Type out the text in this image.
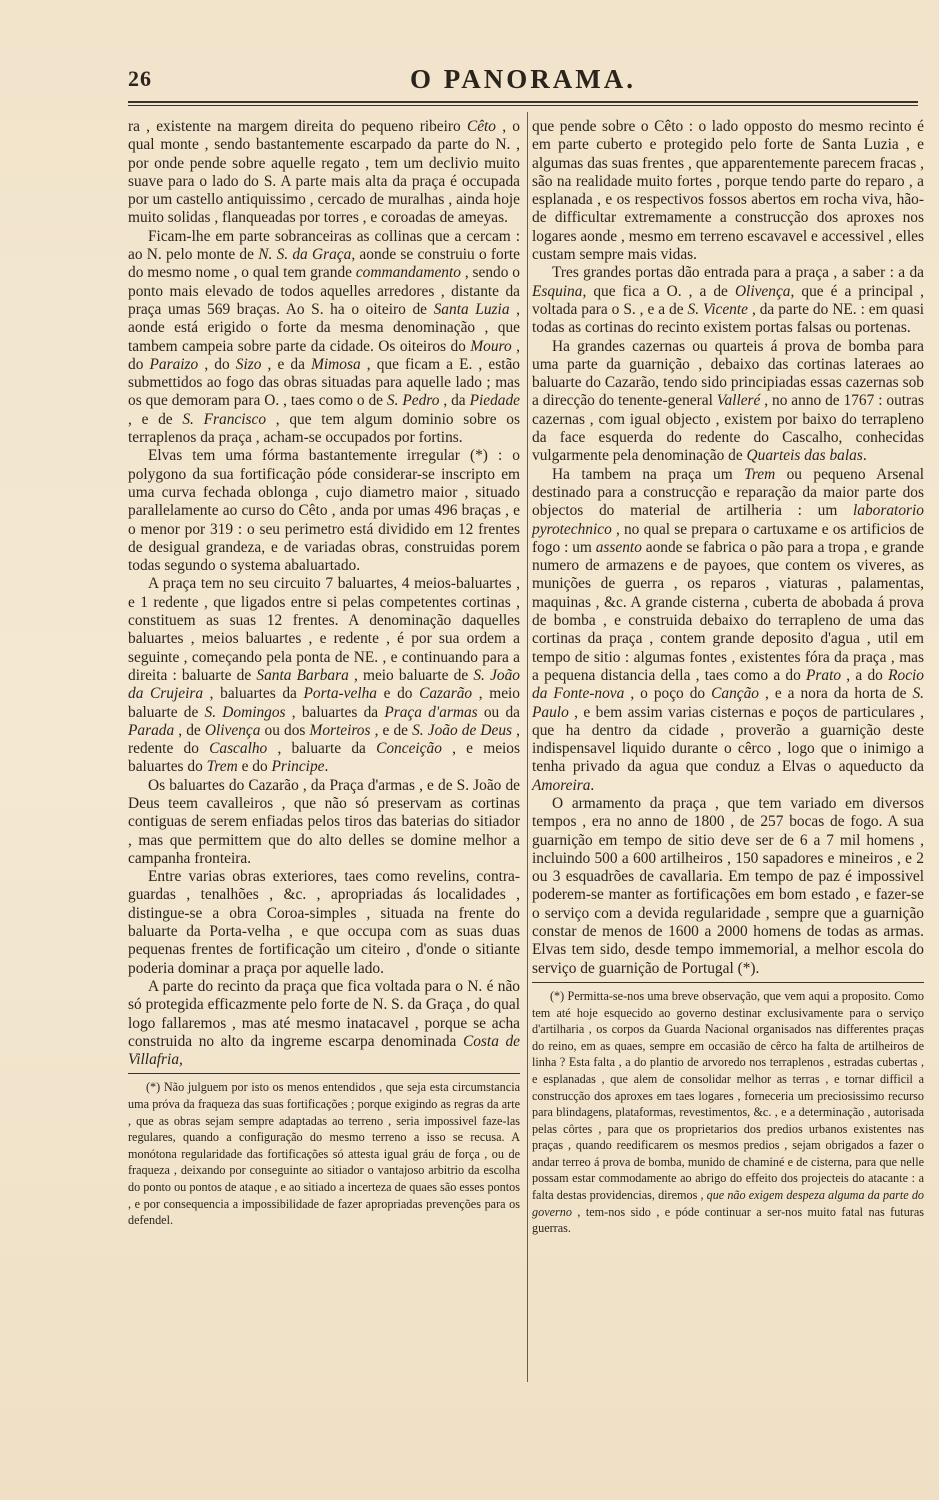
26	O PANORAMA.

ra , existente na margem direita do pequeno ribeiro Cêto , o qual monte , sendo bastantemente escarpado da parte do N. , por onde pende sobre aquelle regato , tem um declivio muito suave para o lado do S. A parte mais alta da praça é occupada por um castello antiquissimo , cercado de muralhas , ainda hoje muito solidas , flanqueadas por torres , e coroadas de ameyas.

Ficam-lhe em parte sobranceiras as collinas que a cercam : ao N. pelo monte de N. S. da Graça, aonde se construiu o forte do mesmo nome , o qual tem grande commandamento , sendo o ponto mais elevado de todos aquelles arredores , distante da praça umas 569 braças. Ao S. ha o oiteiro de Santa Luzia , aonde está erigido o forte da mesma denominação , que tambem campeia sobre parte da cidade. Os oiteiros do Mouro , do Paraizo , do Sizo , e da Mimosa , que ficam a E. , estão submettidos ao fogo das obras situadas para aquelle lado ; mas os que demoram para O. , taes como o de S. Pedro , da Piedade , e de S. Francisco , que tem algum dominio sobre os terraplenos da praça , acham-se occupados por fortins.

Elvas tem uma fórma bastantemente irregular (*) : o polygono da sua fortificação póde considerar-se inscripto em uma curva fechada oblonga , cujo diametro maior , situado parallelamente ao curso do Cêto , anda por umas 496 braças , e o menor por 319 : o seu perimetro está dividido em 12 frentes de desigual grandeza, e de variadas obras, construidas porem todas segundo o systema abaluartado.

A praça tem no seu circuito 7 baluartes, 4 meios-baluartes , e 1 redente , que ligados entre si pelas competentes cortinas , constituem as suas 12 frentes. A denominação daquelles baluartes , meios baluartes , e redente , é por sua ordem a seguinte , começando pela ponta de NE. , e continuando para a direita : baluarte de Santa Barbara , meio baluarte de S. João da Crujeira , baluartes da Porta-velha e do Cazarão , meio baluarte de S. Domingos , baluartes da Praça d'armas ou da Parada , de Olivença ou dos Morteiros , e de S. João de Deus , redente do Cascalho , baluarte da Conceição , e meios baluartes do Trem e do Principe.

Os baluartes do Cazarão , da Praça d'armas , e de S. João de Deus teem cavalleiros , que não só preservam as cortinas contiguas de serem enfiadas pelos tiros das baterias do sitiador , mas que permittem que do alto delles se domine melhor a campanha fronteira.

Entre varias obras exteriores, taes como revelins, contra-guardas , tenalhões , &c. , apropriadas ás localidades , distingue-se a obra Coroa-simples , situada na frente do baluarte da Porta-velha , e que occupa com as suas duas pequenas frentes de fortificação um citeiro , d'onde o sitiante poderia dominar a praça por aquelle lado.

A parte do recinto da praça que fica voltada para o N. é não só protegida efficazmente pelo forte de N. S. da Graça , do qual logo fallaremos , mas até mesmo inatacavel , porque se acha construida no alto da ingreme escarpa denominada Costa de Villafria,

(*) Não julguem por isto os menos entendidos , que seja esta circumstancia uma próva da fraqueza das suas fortificações ; porque exigindo as regras da arte , que as obras sejam sempre adaptadas ao terreno , seria impossivel faze-las regulares, quando a configuração do mesmo terreno a isso se recusa. A monótona regularidade das fortificações só attesta igual gráu de força , ou de fraqueza , deixando por conseguinte ao sitiador o vantajoso arbitrio da escolha do ponto ou pontos de ataque , e ao sitiado a incerteza de quaes são esses pontos , e por consequencia a impossibilidade de fazer apropriadas prevenções para os defendel.

que pende sobre o Cêto : o lado opposto do mesmo recinto é em parte cuberto e protegido pelo forte de Santa Luzia , e algumas das suas frentes , que apparentemente parecem fracas , são na realidade muito fortes , porque tendo parte do reparo , a esplanada , e os respectivos fossos abertos em rocha viva, hão-de difficultar extremamente a construcção dos aproxes nos logares aonde , mesmo em terreno escavavel e accessivel , elles custam sempre mais vidas.

Tres grandes portas dão entrada para a praça , a saber : a da Esquina, que fica a O. , a de Olivença, que é a principal , voltada para o S. , e a de S. Vicente , da parte do NE. : em quasi todas as cortinas do recinto existem portas falsas ou portenas.

Ha grandes cazernas ou quarteis á prova de bomba para uma parte da guarnição , debaixo das cortinas lateraes ao baluarte do Cazarão, tendo sido principiadas essas cazernas sob a direcção do tenente-general Valleré , no anno de 1767 : outras cazernas , com igual objecto , existem por baixo do terrapleno da face esquerda do redente do Cascalho, conhecidas vulgarmente pela denominação de Quarteis das balas.

Ha tambem na praça um Trem ou pequeno Arsenal destinado para a construcção e reparação da maior parte dos objectos do material de artilheria : um laboratorio pyrotechnico , no qual se prepara o cartuxame e os artificios de fogo : um assento aonde se fabrica o pão para a tropa , e grande numero de armazens e de payoes, que contem os viveres, as munições de guerra , os reparos , viaturas , palamentas, maquinas , &c. A grande cisterna , cuberta de abobada á prova de bomba , e construida debaixo do terrapleno de uma das cortinas da praça , contem grande deposito d'agua , util em tempo de sitio : algumas fontes , existentes fóra da praça , mas a pequena distancia della , taes como a do Prato , a do Rocio da Fonte-nova , o poço do Canção , e a nora da horta de S. Paulo , e bem assim varias cisternas e poços de particulares , que ha dentro da cidade , proverão a guarnição deste indispensavel liquido durante o cêrco , logo que o inimigo a tenha privado da agua que conduz a Elvas o aqueducto da Amoreira.

O armamento da praça , que tem variado em diversos tempos , era no anno de 1800 , de 257 bocas de fogo. A sua guarnição em tempo de sitio deve ser de 6 a 7 mil homens , incluindo 500 a 600 artilheiros , 150 sapadores e mineiros , e 2 ou 3 esquadrões de cavallaria. Em tempo de paz é impossivel poderem-se manter as fortificações em bom estado , e fazer-se o serviço com a devida regularidade , sempre que a guarnição constar de menos de 1600 a 2000 homens de todas as armas. Elvas tem sido, desde tempo immemorial, a melhor escola do serviço de guarnição de Portugal (*).

(*) Permitta-se-nos uma breve observação, que vem aqui a proposito. Como tem até hoje esquecido ao governo destinar exclusivamente para o serviço d'artilharia , os corpos da Guarda Nacional organisados nas differentes praças do reino, em as quaes, sempre em occasião de cêrco ha falta de artilheiros de linha ? Esta falta , a do plantio de arvoredo nos terraplenos , estradas cubertas , e esplanadas , que alem de consolidar melhor as terras , e tornar difficil a construcção dos aproxes em taes logares , forneceria um preciosissimo recurso para blindagens, plataformas, revestimentos, &c. , e a determinação , autorisada pelas côrtes , para que os proprietarios dos predios urbanos existentes nas praças , quando reedificarem os mesmos predios , sejam obrigados a fazer o andar terreo á prova de bomba, munido de chaminé e de cisterna, para que nelle possam estar commodamente ao abrigo do effeito dos projecteis do atacante : a falta destas providencias, diremos , que não exigem despeza alguma da parte do governo , tem-nos sido , e póde continuar a ser-nos muito fatal nas futuras guerras.
